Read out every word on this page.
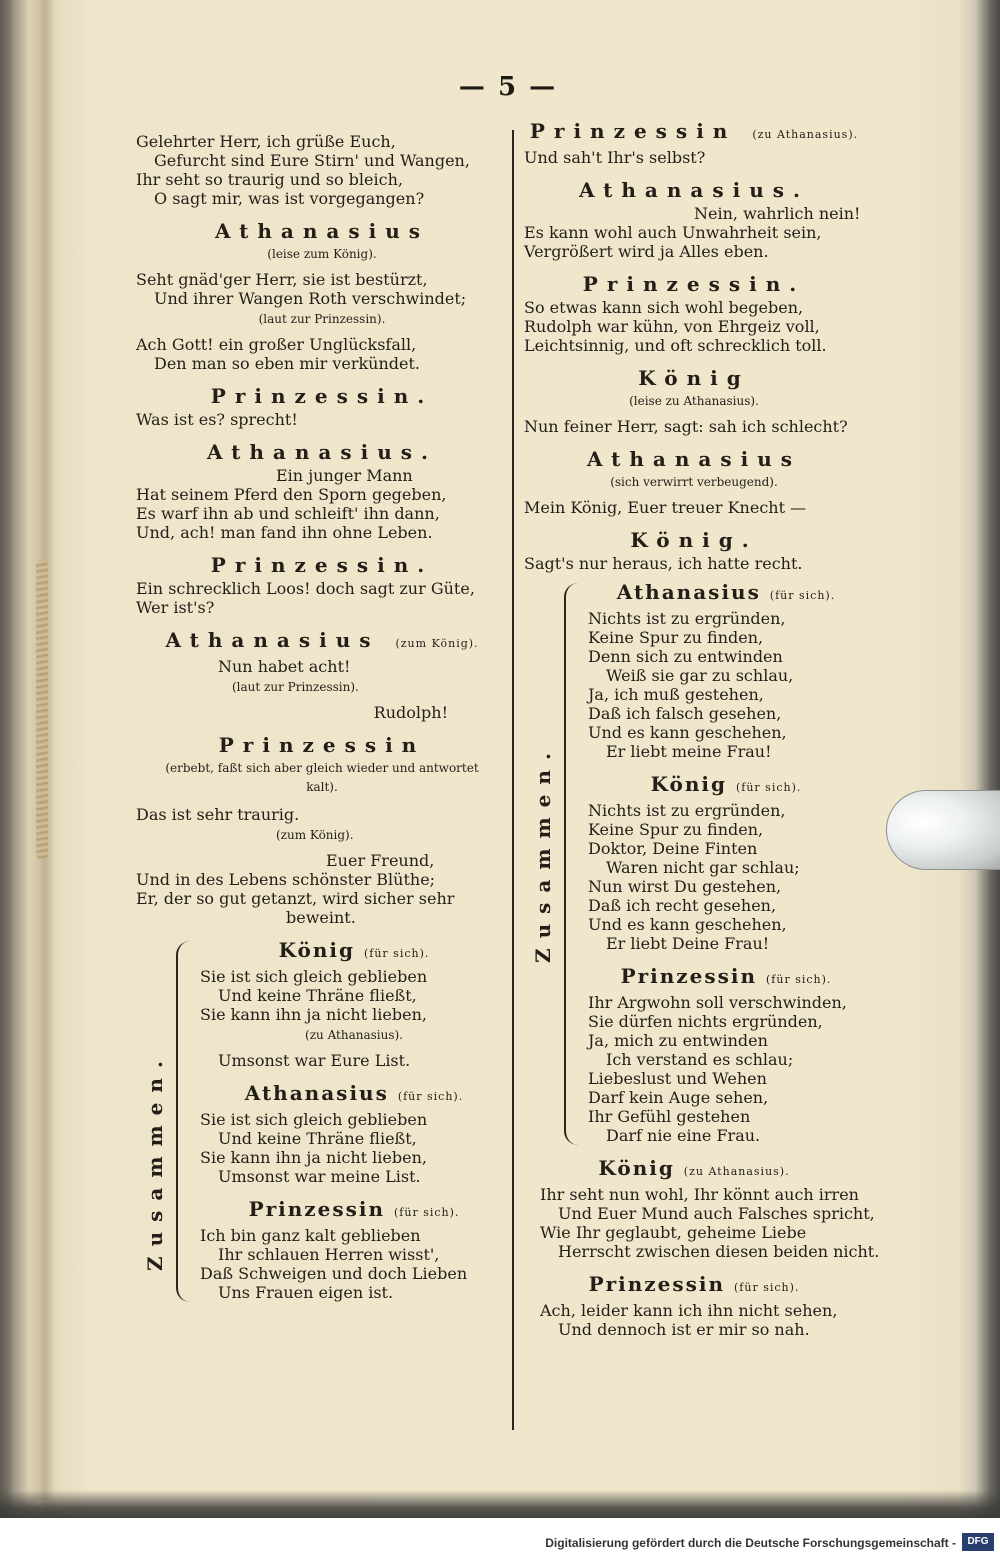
— 5 —
Gelehrter Herr, ich grüße Euch,
Gefurcht sind Eure Stirn' und Wangen,
Ihr seht so traurig und so bleich,
O sagt mir, was ist vorgegangen?
Athanasius
(leise zum König).
Seht gnäd'ger Herr, sie ist bestürzt,
Und ihrer Wangen Roth verschwindet;
(laut zur Prinzessin).
Ach Gott! ein großer Unglücksfall,
Den man so eben mir verkündet.
Prinzessin.
Was ist es? sprecht!
Athanasius.
Ein junger Mann
Hat seinem Pferd den Sporn gegeben,
Es warf ihn ab und schleift' ihn dann,
Und, ach! man fand ihn ohne Leben.
Prinzessin.
Ein schrecklich Loos! doch sagt zur Güte,
Wer ist's?
Athanasius (zum König).
Nun habet acht!
(laut zur Prinzessin).
Rudolph!
Prinzessin
(erbebt, faßt sich aber gleich wieder und antwortet kalt).
Das ist sehr traurig.
(zum König).
Euer Freund,
Und in des Lebens schönster Blüthe;
Er, der so gut getanzt, wird sicher sehr
beweint.
Zusammen.
König (für sich).
Sie ist sich gleich geblieben
Und keine Thräne fließt,
Sie kann ihn ja nicht lieben,
(zu Athanasius).
Umsonst war Eure List.
Athanasius (für sich).
Sie ist sich gleich geblieben
Und keine Thräne fließt,
Sie kann ihn ja nicht lieben,
Umsonst war meine List.
Prinzessin (für sich).
Ich bin ganz kalt geblieben
Ihr schlauen Herren wisst',
Daß Schweigen und doch Lieben
Uns Frauen eigen ist.
Prinzessin (zu Athanasius).
Und sah't Ihr's selbst?
Athanasius.
Nein, wahrlich nein!
Es kann wohl auch Unwahrheit sein,
Vergrößert wird ja Alles eben.
Prinzessin.
So etwas kann sich wohl begeben,
Rudolph war kühn, von Ehrgeiz voll,
Leichtsinnig, und oft schrecklich toll.
König
(leise zu Athanasius).
Nun feiner Herr, sagt: sah ich schlecht?
Athanasius
(sich verwirrt verbeugend).
Mein König, Euer treuer Knecht —
König.
Sagt's nur heraus, ich hatte recht.
Zusammen.
Athanasius (für sich).
Nichts ist zu ergründen,
Keine Spur zu finden,
Denn sich zu entwinden
Weiß sie gar zu schlau,
Ja, ich muß gestehen,
Daß ich falsch gesehen,
Und es kann geschehen,
Er liebt meine Frau!
König (für sich).
Nichts ist zu ergründen,
Keine Spur zu finden,
Doktor, Deine Finten
Waren nicht gar schlau;
Nun wirst Du gestehen,
Daß ich recht gesehen,
Und es kann geschehen,
Er liebt Deine Frau!
Prinzessin (für sich).
Ihr Argwohn soll verschwinden,
Sie dürfen nichts ergründen,
Ja, mich zu entwinden
Ich verstand es schlau;
Liebeslust und Wehen
Darf kein Auge sehen,
Ihr Gefühl gestehen
Darf nie eine Frau.
König (zu Athanasius).
Ihr seht nun wohl, Ihr könnt auch irren
Und Euer Mund auch Falsches spricht,
Wie Ihr geglaubt, geheime Liebe
Herrscht zwischen diesen beiden nicht.
Prinzessin (für sich).
Ach, leider kann ich ihn nicht sehen,
Und dennoch ist er mir so nah.
Digitalisierung gefördert durch die Deutsche Forschungsgemeinschaft -	DFG
